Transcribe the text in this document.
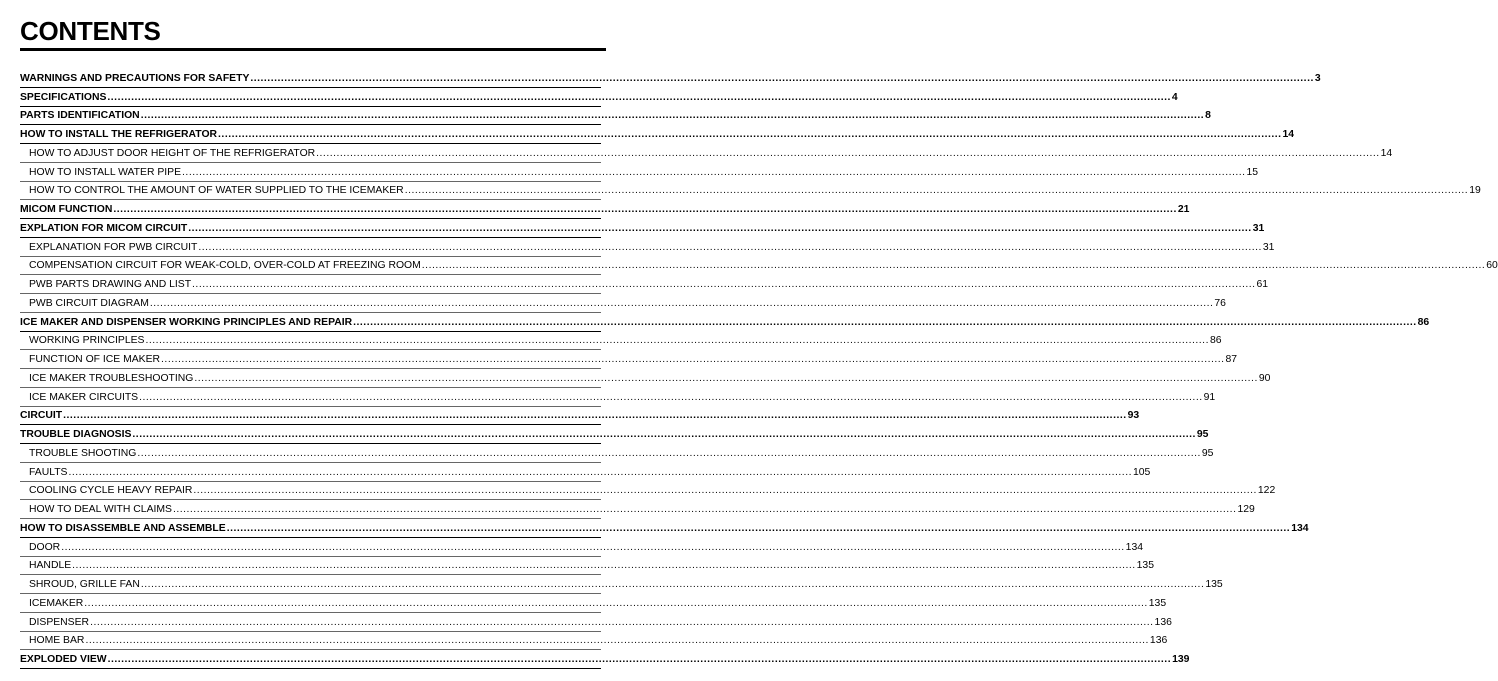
CONTENTS
WARNINGS AND PRECAUTIONS FOR SAFETY .......................................................................................................................................................................................................................................................................................................................... 3
SPECIFICATIONS .......................................................................................................................................................................................................................................................................................................................... 4
PARTS IDENTIFICATION .......................................................................................................................................................................................................................................................................................................................... 8
HOW TO INSTALL THE REFRIGERATOR .......................................................................................................................................................................................................................................................................................................................... 14
HOW TO ADJUST DOOR HEIGHT OF THE REFRIGERATOR .......................................................................................................................................................................................................................................................................................................................... 14
HOW TO INSTALL WATER PIPE .......................................................................................................................................................................................................................................................................................................................... 15
HOW TO CONTROL THE AMOUNT OF WATER SUPPLIED TO THE ICEMAKER .......................................................................................................................................................................................................................................................................................................................... 19
MICOM FUNCTION .......................................................................................................................................................................................................................................................................................................................... 21
EXPLATION FOR MICOM CIRCUIT .......................................................................................................................................................................................................................................................................................................................... 31
EXPLANATION FOR PWB CIRCUIT .......................................................................................................................................................................................................................................................................................................................... 31
COMPENSATION CIRCUIT FOR WEAK-COLD, OVER-COLD AT FREEZING ROOM .......................................................................................................................................................................................................................................................................................................................... 60
PWB PARTS DRAWING AND LIST .......................................................................................................................................................................................................................................................................................................................... 61
PWB CIRCUIT DIAGRAM .......................................................................................................................................................................................................................................................................................................................... 76
ICE MAKER AND DISPENSER WORKING PRINCIPLES AND REPAIR .......................................................................................................................................................................................................................................................................................................................... 86
WORKING PRINCIPLES .......................................................................................................................................................................................................................................................................................................................... 86
FUNCTION OF ICE MAKER .......................................................................................................................................................................................................................................................................................................................... 87
ICE MAKER TROUBLESHOOTING .......................................................................................................................................................................................................................................................................................................................... 90
ICE MAKER CIRCUITS .......................................................................................................................................................................................................................................................................................................................... 91
CIRCUIT .......................................................................................................................................................................................................................................................................................................................... 93
TROUBLE DIAGNOSIS .......................................................................................................................................................................................................................................................................................................................... 95
TROUBLE SHOOTING .......................................................................................................................................................................................................................................................................................................................... 95
FAULTS .......................................................................................................................................................................................................................................................................................................................... 105
COOLING CYCLE HEAVY REPAIR .......................................................................................................................................................................................................................................................................................................................... 122
HOW TO DEAL WITH CLAIMS .......................................................................................................................................................................................................................................................................................................................... 129
HOW TO DISASSEMBLE AND ASSEMBLE .......................................................................................................................................................................................................................................................................................................................... 134
DOOR .......................................................................................................................................................................................................................................................................................................................... 134
HANDLE .......................................................................................................................................................................................................................................................................................................................... 135
SHROUD, GRILLE FAN .......................................................................................................................................................................................................................................................................................................................... 135
ICEMAKER .......................................................................................................................................................................................................................................................................................................................... 135
DISPENSER .......................................................................................................................................................................................................................................................................................................................... 136
HOME BAR .......................................................................................................................................................................................................................................................................................................................... 136
EXPLODED VIEW .......................................................................................................................................................................................................................................................................................................................... 139
